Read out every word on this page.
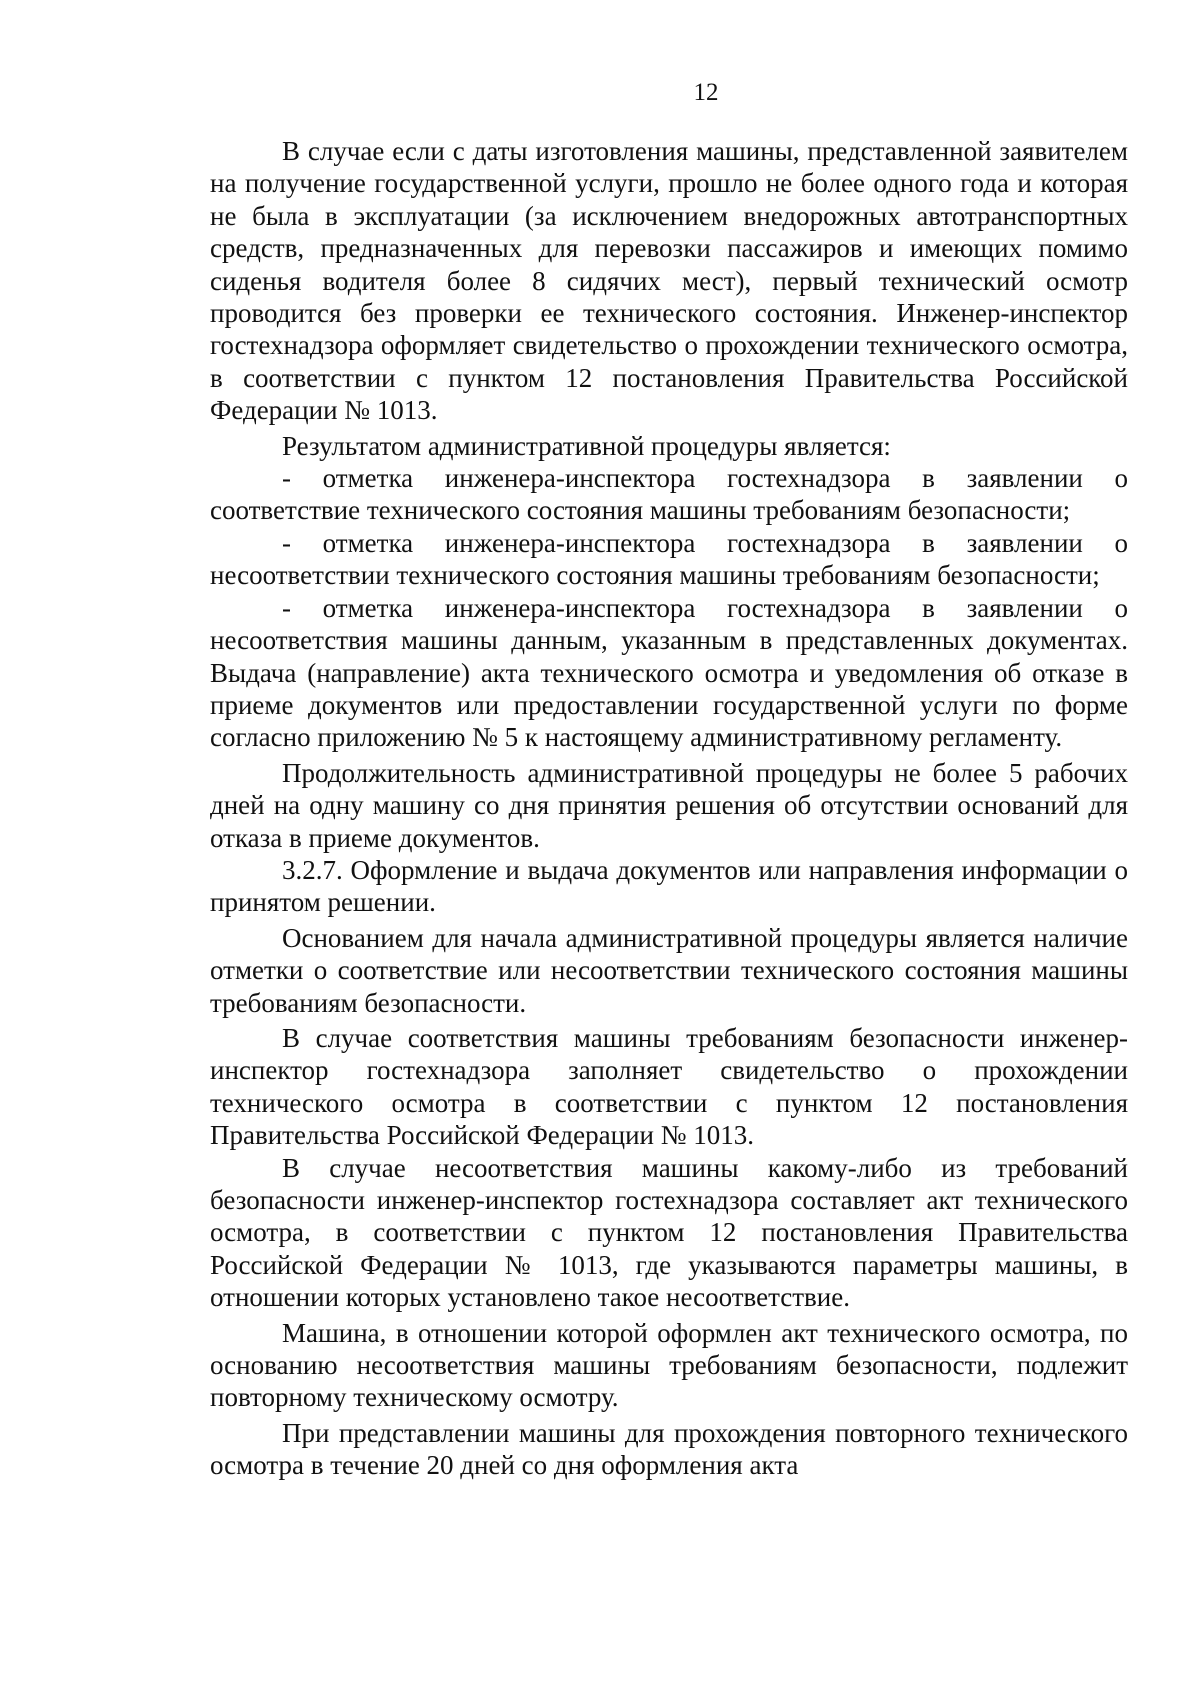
12

В случае если с даты изготовления машины, представленной заявителем на получение государственной услуги, прошло не более одного года и которая не была в эксплуатации (за исключением внедорожных автотранспортных средств, предназначенных для перевозки пассажиров и имеющих помимо сиденья водителя более 8 сидячих мест), первый технический осмотр проводится без проверки ее технического состояния. Инженер-инспектор гостехнадзора оформляет свидетельство о прохождении технического осмотра, в соответствии с пунктом 12 постановления Правительства Российской Федерации № 1013.

Результатом административной процедуры является:

- отметка инженера-инспектора гостехнадзора в заявлении о соответствие технического состояния машины требованиям безопасности;

- отметка инженера-инспектора гостехнадзора в заявлении о несоответствии технического состояния машины требованиям безопасности;

- отметка инженера-инспектора гостехнадзора в заявлении о несоответствия машины данным, указанным в представленных документах. Выдача (направление) акта технического осмотра и уведомления об отказе в приеме документов или предоставлении государственной услуги по форме согласно приложению № 5 к настоящему административному регламенту.

Продолжительность административной процедуры не более 5 рабочих дней на одну машину со дня принятия решения об отсутствии оснований для отказа в приеме документов.

3.2.7. Оформление и выдача документов или направления информации о принятом решении.

Основанием для начала административной процедуры является наличие отметки о соответствие или несоответствии технического состояния машины требованиям безопасности.

В случае соответствия машины требованиям безопасности инженер-инспектор гостехнадзора заполняет свидетельство о прохождении технического осмотра в соответствии с пунктом 12 постановления Правительства Российской Федерации № 1013.

В случае несоответствия машины какому-либо из требований безопасности инженер-инспектор гостехнадзора составляет акт технического осмотра, в соответствии с пунктом 12 постановления Правительства Российской Федерации № 1013, где указываются параметры машины, в отношении которых установлено такое несоответствие.

Машина, в отношении которой оформлен акт технического осмотра, по основанию несоответствия машины требованиям безопасности, подлежит повторному техническому осмотру.

При представлении машины для прохождения повторного технического осмотра в течение 20 дней со дня оформления акта
